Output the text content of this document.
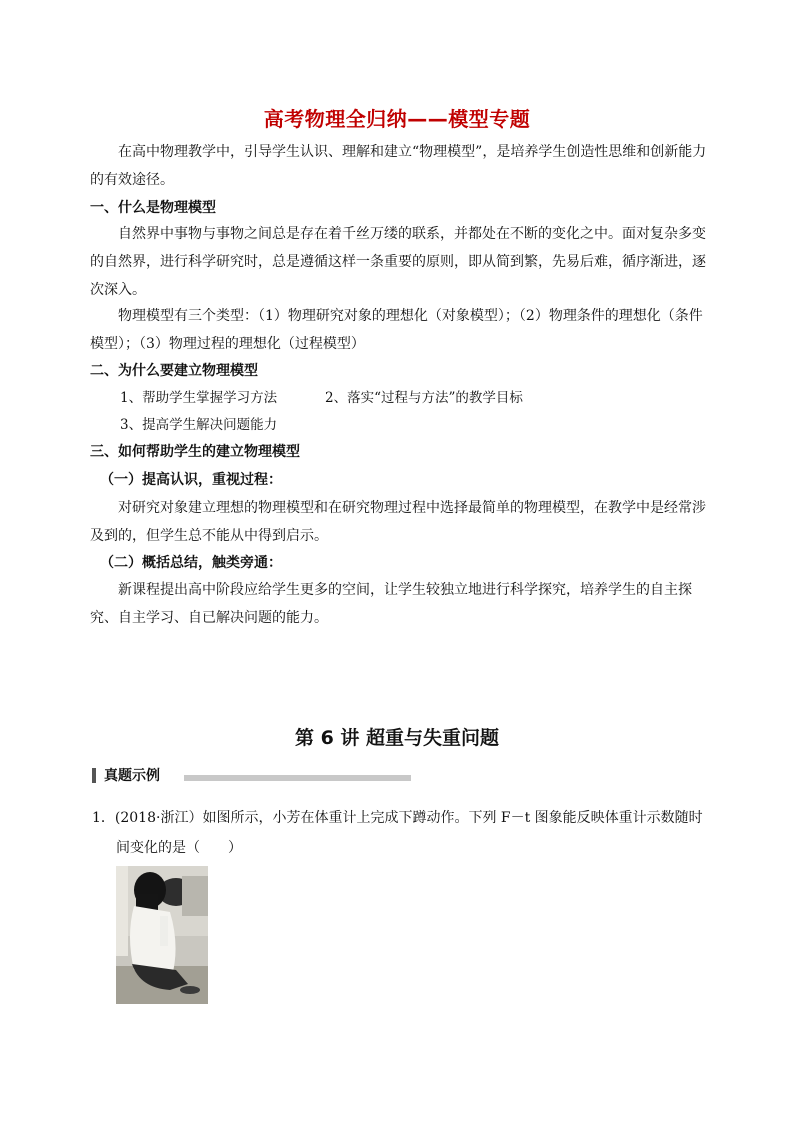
高考物理全归纳——模型专题
在高中物理教学中，引导学生认识、理解和建立“物理模型”，是培养学生创造性思维和创新能力的有效途径。
一、什么是物理模型
自然界中事物与事物之间总是存在着千丝万缕的联系，并都处在不断的变化之中。面对复杂多变的自然界，进行科学研究时，总是遵循这样一条重要的原则，即从简到繁，先易后难，循序渐进，逐次深入。
物理模型有三个类型：（1）物理研究对象的理想化（对象模型）；（2）物理条件的理想化（条件模型）；（3）物理过程的理想化（过程模型）
二、为什么要建立物理模型
1、帮助学生掌握学习方法	2、落实“过程与方法”的教学目标
3、提高学生解决问题能力
三、如何帮助学生的建立物理模型
（一）提高认识，重视过程：
对研究对象建立理想的物理模型和在研究物理过程中选择最简单的物理模型，在教学中是经常涉及到的，但学生总不能从中得到启示。
（二）概括总结，触类旁通：
新课程提出高中阶段应给学生更多的空间，让学生较独立地进行科学探究，培养学生的自主探究、自主学习、自已解决问题的能力。
第 6 讲 超重与失重问题
真题示例
1．(2018·浙江）如图所示，小芳在体重计上完成下蹲动作。下列 F－t 图象能反映体重计示数随时
间变化的是（　　）
